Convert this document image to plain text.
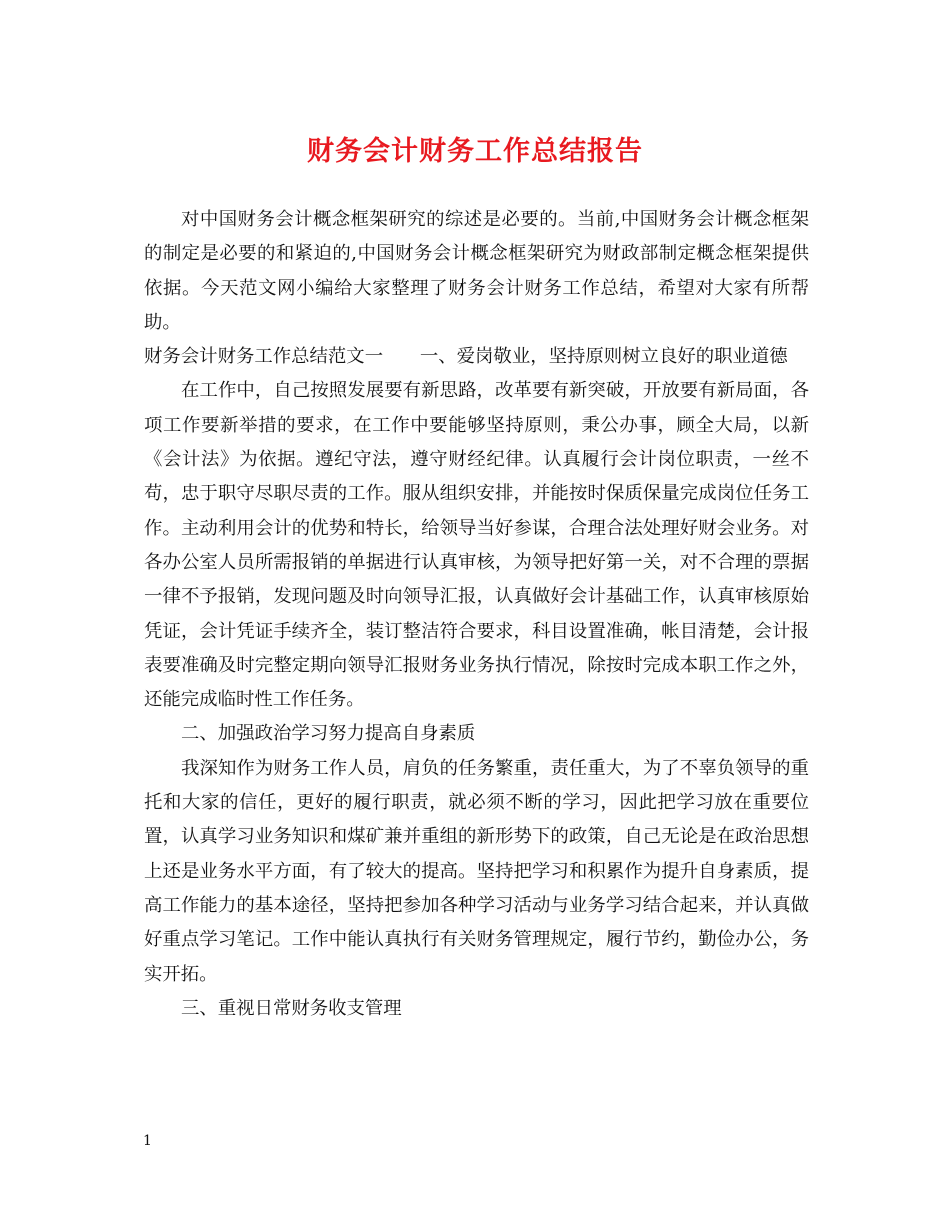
财务会计财务工作总结报告

对中国财务会计概念框架研究的综述是必要的。当前,中国财务会计概念框架的制定是必要的和紧迫的,中国财务会计概念框架研究为财政部制定概念框架提供依据。今天范文网小编给大家整理了财务会计财务工作总结，希望对大家有所帮助。

财务会计财务工作总结范文一　　一、爱岗敬业，坚持原则树立良好的职业道德

在工作中，自己按照发展要有新思路，改革要有新突破，开放要有新局面，各项工作要新举措的要求，在工作中要能够坚持原则，秉公办事，顾全大局，以新《会计法》为依据。遵纪守法，遵守财经纪律。认真履行会计岗位职责，一丝不苟，忠于职守尽职尽责的工作。服从组织安排，并能按时保质保量完成岗位任务工作。主动利用会计的优势和特长，给领导当好参谋，合理合法处理好财会业务。对各办公室人员所需报销的单据进行认真审核，为领导把好第一关，对不合理的票据一律不予报销，发现问题及时向领导汇报，认真做好会计基础工作，认真审核原始凭证，会计凭证手续齐全，装订整洁符合要求，科目设置准确，帐目清楚，会计报表要准确及时完整定期向领导汇报财务业务执行情况，除按时完成本职工作之外，还能完成临时性工作任务。

二、加强政治学习努力提高自身素质

我深知作为财务工作人员，肩负的任务繁重，责任重大，为了不辜负领导的重托和大家的信任，更好的履行职责，就必须不断的学习，因此把学习放在重要位置，认真学习业务知识和煤矿兼并重组的新形势下的政策，自己无论是在政治思想上还是业务水平方面，有了较大的提高。坚持把学习和积累作为提升自身素质，提高工作能力的基本途径，坚持把参加各种学习活动与业务学习结合起来，并认真做好重点学习笔记。工作中能认真执行有关财务管理规定，履行节约，勤俭办公，务实开拓。

三、重视日常财务收支管理

1
